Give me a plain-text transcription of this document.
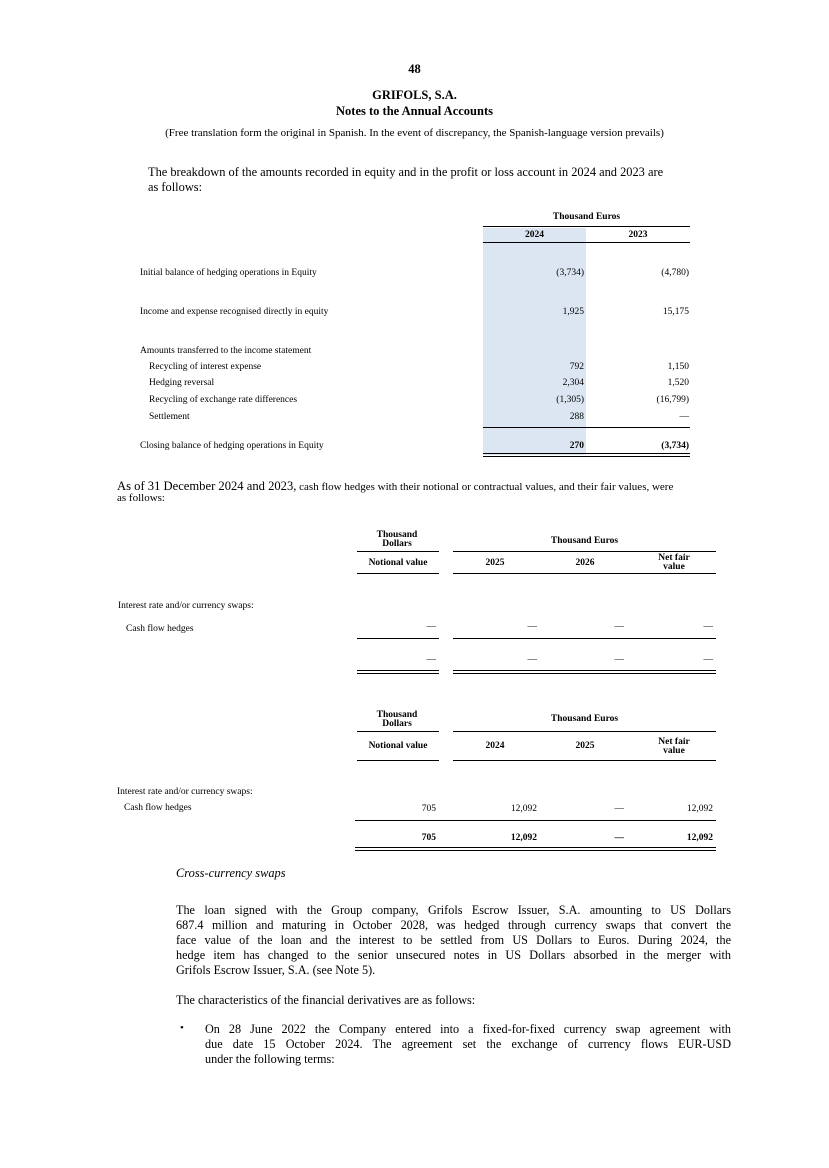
48
GRIFOLS, S.A.
Notes to the Annual Accounts
(Free translation form the original in Spanish. In the event of discrepancy, the Spanish-language version prevails)
The breakdown of the amounts recorded in equity and in the profit or loss account in 2024 and 2023 are
as follows:
Thousand Euros
2024	2023
Initial balance of hedging operations in Equity	(3,734)	(4,780)
Income and expense recognised directly in equity	1,925	15,175
Amounts transferred to the income statement
Recycling of interest expense	792	1,150
Hedging reversal	2,304	1,520
Recycling of exchange rate differences	(1,305)	(16,799)
Settlement	288	—
Closing balance of hedging operations in Equity	270	(3,734)
As of 31 December 2024 and 2023, cash flow hedges with their notional or contractual values, and their fair values, were
as follows:
Thousand
Dollars	Thousand Euros
Notional value	2025	2026	Net fair
value
Interest rate and/or currency swaps:
Cash flow hedges	—	—	—	—
—	—	—	—
Thousand
Dollars	Thousand Euros
Notional value	2024	2025	Net fair
value
Interest rate and/or currency swaps:
Cash flow hedges	705	12,092	—	12,092
705	12,092	—	12,092
Cross-currency swaps
The loan signed with the Group company, Grifols Escrow Issuer, S.A. amounting to US Dollars
687.4 million and maturing in October 2028, was hedged through currency swaps that convert the
face value of the loan and the interest to be settled from US Dollars to Euros. During 2024, the
hedge item has changed to the senior unsecured notes in US Dollars absorbed in the merger with
Grifols Escrow Issuer, S.A. (see Note 5).
The characteristics of the financial derivatives are as follows:
• On 28 June 2022 the Company entered into a fixed-for-fixed currency swap agreement with
due date 15 October 2024. The agreement set the exchange of currency flows EUR-USD
under the following terms:
